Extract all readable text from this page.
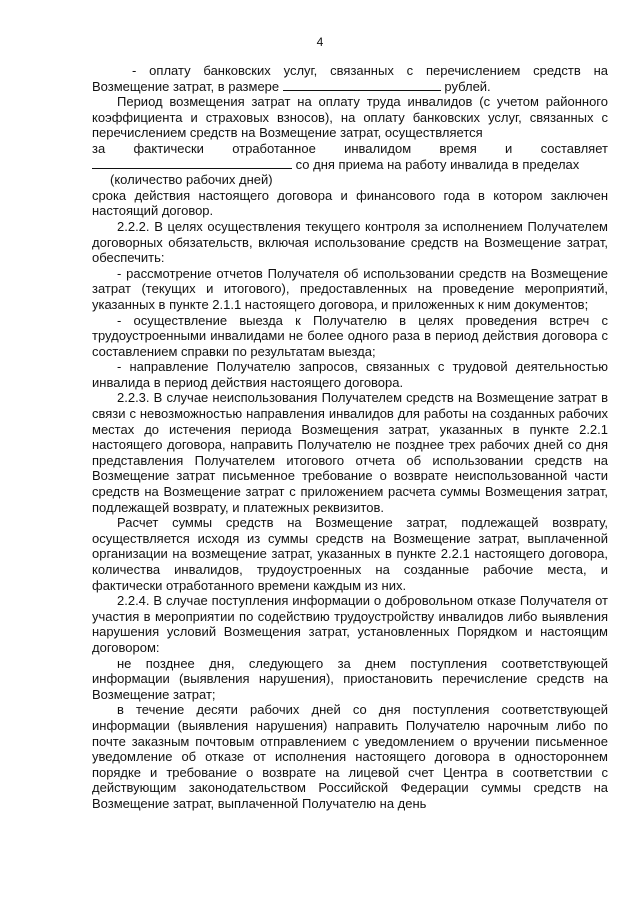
4

- оплату банковских услуг, связанных с перечислением средств на Возмещение затрат, в размере	рублей.

Период возмещения затрат на оплату труда инвалидов (с учетом районного коэффициента и страховых взносов), на оплату банковских услуг, связанных с перечислением средств на Возмещение затрат, осуществляется

за фактически отработанное инвалидом время и составляет

со дня приема на работу инвалида в пределах

(количество рабочих дней)

срока действия настоящего договора и финансового года в котором заключен настоящий договор.

2.2.2. В целях осуществления текущего контроля за исполнением Получателем договорных обязательств, включая использование средств на Возмещение затрат, обеспечить:

- рассмотрение отчетов Получателя об использовании средств на Возмещение затрат (текущих и итогового), предоставленных на проведение мероприятий, указанных в пункте 2.1.1 настоящего договора, и приложенных к ним документов;

- осуществление выезда к Получателю в целях проведения встреч с трудоустроенными инвалидами не более одного раза в период действия договора с составлением справки по результатам выезда;

- направление Получателю запросов, связанных с трудовой деятельностью инвалида в период действия настоящего договора.

2.2.3. В случае неиспользования Получателем средств на Возмещение затрат в связи с невозможностью направления инвалидов для работы на созданных рабочих местах до истечения периода Возмещения затрат, указанных в пункте 2.2.1 настоящего договора, направить Получателю не позднее трех рабочих дней со дня представления Получателем итогового отчета об использовании средств на Возмещение затрат письменное требование о возврате неиспользованной части средств на Возмещение затрат с приложением расчета суммы Возмещения затрат, подлежащей возврату, и платежных реквизитов.

Расчет суммы средств на Возмещение затрат, подлежащей возврату, осуществляется исходя из суммы средств на Возмещение затрат, выплаченной организации на возмещение затрат, указанных в пункте 2.2.1 настоящего договора, количества инвалидов, трудоустроенных на созданные рабочие места, и фактически отработанного времени каждым из них.

2.2.4. В случае поступления информации о добровольном отказе Получателя от участия в мероприятии по содействию трудоустройству инвалидов либо выявления нарушения условий Возмещения затрат, установленных Порядком и настоящим договором:

не позднее дня, следующего за днем поступления соответствующей информации (выявления нарушения), приостановить перечисление средств на Возмещение затрат;

в течение десяти рабочих дней со дня поступления соответствующей информации (выявления нарушения) направить Получателю нарочным либо по почте заказным почтовым отправлением с уведомлением о вручении письменное уведомление об отказе от исполнения настоящего договора в одностороннем порядке и требование о возврате на лицевой счет Центра в соответствии с действующим законодательством Российской Федерации суммы средств на Возмещение затрат, выплаченной Получателю на день
